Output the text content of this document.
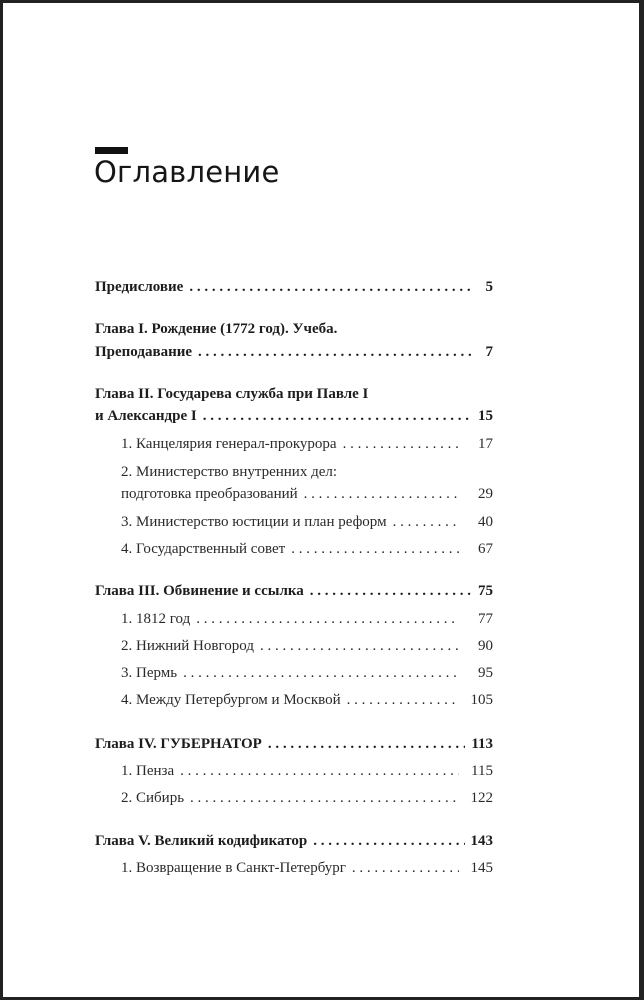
Оглавление
Предисловие . . .	5
Глава I. Рождение (1772 год). Учеба.
Преподавание . . .	7
Глава II. Государева служба при Павле I
и Александре I . . .	15
1. Канцелярия генерал-прокурора . . .	17
2. Министерство внутренних дел:
подготовка преобразований . . .	29
3. Министерство юстиции и план реформ . . .	40
4. Государственный совет . . .	67
Глава III. Обвинение и ссылка . . .	75
1. 1812 год . . .	77
2. Нижний Новгород . . .	90
3. Пермь . . .	95
4. Между Петербургом и Москвой . . .	105
Глава IV. ГУБЕРНАТОР . . .	113
1. Пенза . . .	115
2. Сибирь . . .	122
Глава V. Великий кодификатор . . .	143
1. Возвращение в Санкт-Петербург . . .	145
